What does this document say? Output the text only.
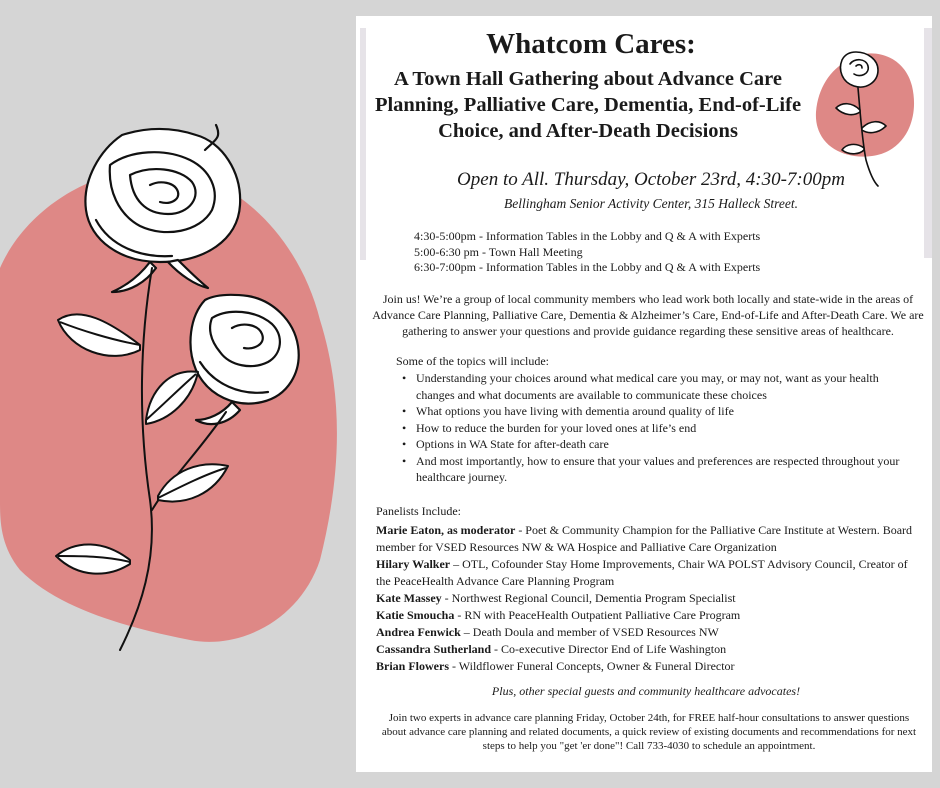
Whatcom Cares:
A Town Hall Gathering about Advance Care Planning, Palliative Care, Dementia, End-of-Life Choice, and After-Death Decisions

Open to All. Thursday, October 23rd, 4:30-7:00pm

Bellingham Senior Activity Center, 315 Halleck Street.

4:30-5:00pm - Information Tables in the Lobby and Q & A with Experts
5:00-6:30 pm - Town Hall Meeting
6:30-7:00pm - Information Tables in the Lobby and Q & A with Experts

Join us! We’re a group of local community members who lead work both locally and state-wide in the areas of Advance Care Planning, Palliative Care, Dementia & Alzheimer’s Care, End-of-Life and After-Death Care. We are gathering to answer your questions and provide guidance regarding these sensitive areas of healthcare.

Some of the topics will include:

• Understanding your choices around what medical care you may, or may not, want as your health changes and what documents are available to communicate these choices
• What options you have living with dementia around quality of life
• How to reduce the burden for your loved ones at life’s end
• Options in WA State for after-death care
• And most importantly, how to ensure that your values and preferences are respected throughout your healthcare journey.

Panelists Include:

Marie Eaton, as moderator - Poet & Community Champion for the Palliative Care Institute at Western. Board member for VSED Resources NW & WA Hospice and Palliative Care Organization
Hilary Walker – OTL, Cofounder Stay Home Improvements, Chair WA POLST Advisory Council, Creator of the PeaceHealth Advance Care Planning Program
Kate Massey - Northwest Regional Council, Dementia Program Specialist
Katie Smoucha - RN with PeaceHealth Outpatient Palliative Care Program
Andrea Fenwick – Death Doula and member of VSED Resources NW
Cassandra Sutherland - Co-executive Director End of Life Washington
Brian Flowers - Wildflower Funeral Concepts, Owner & Funeral Director

Plus, other special guests and community healthcare advocates!

Join two experts in advance care planning Friday, October 24th, for FREE half-hour consultations to answer questions about advance care planning and related documents, a quick review of existing documents and recommendations for next steps to help you "get 'er done"! Call 733-4030 to schedule an appointment.
